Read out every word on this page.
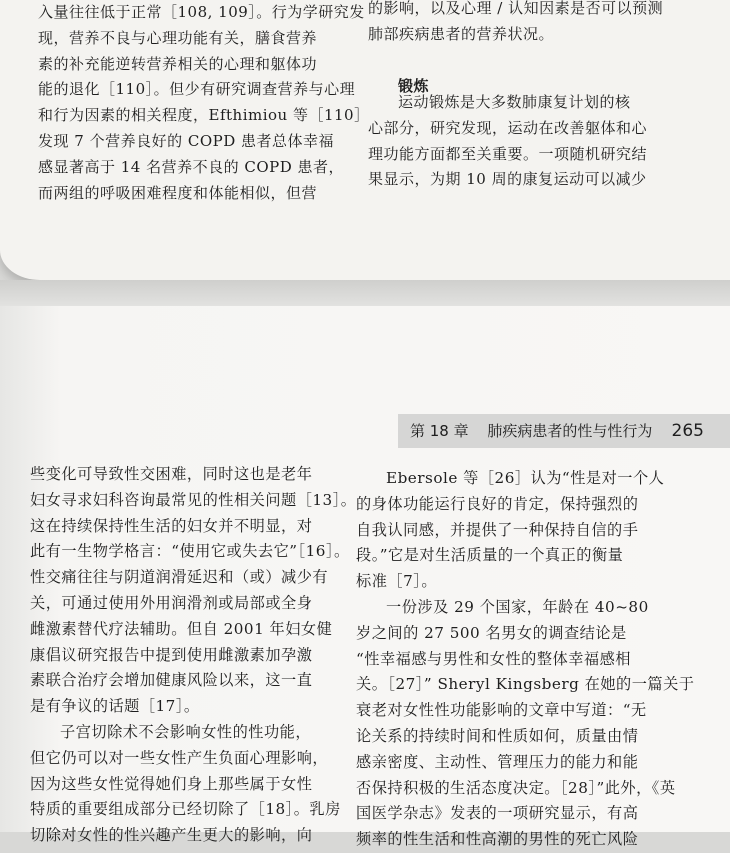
入量往往低于正常［108, 109］。行为学研究发
现，营养不良与心理功能有关，膳食营养
素的补充能逆转营养相关的心理和躯体功
能的退化［110］。但少有研究调查营养与心理
和行为因素的相关程度，Efthimiou 等［110］
发现 7 个营养良好的 COPD 患者总体幸福
感显著高于 14 名营养不良的 COPD 患者，
而两组的呼吸困难程度和体能相似，但营
的影响，以及心理 / 认知因素是否可以预测
肺部疾病患者的营养状况。
锻炼
运动锻炼是大多数肺康复计划的核
心部分，研究发现，运动在改善躯体和心
理功能方面都至关重要。一项随机研究结
果显示，为期 10 周的康复运动可以减少
第 18 章 肺疾病患者的性与性行为 265
些变化可导致性交困难，同时这也是老年
妇女寻求妇科咨询最常见的性相关问题［13］。
这在持续保持性生活的妇女并不明显，对
此有一生物学格言：“使用它或失去它”［16］。
性交痛往往与阴道润滑延迟和（或）减少有
关，可通过使用外用润滑剂或局部或全身
雌激素替代疗法辅助。但自 2001 年妇女健
康倡议研究报告中提到使用雌激素加孕激
素联合治疗会增加健康风险以来，这一直
是有争议的话题［17］。
子宫切除术不会影响女性的性功能，
但它仍可以对一些女性产生负面心理影响，
因为这些女性觉得她们身上那些属于女性
特质的重要组成部分已经切除了［18］。乳房
切除对女性的性兴趣产生更大的影响，向
Ebersole 等［26］认为“性是对一个人
的身体功能运行良好的肯定，保持强烈的
自我认同感，并提供了一种保持自信的手
段。”它是对生活质量的一个真正的衡量
标准［7］。
一份涉及 29 个国家，年龄在 40~80
岁之间的 27 500 名男女的调查结论是
“性幸福感与男性和女性的整体幸福感相
关。［27］” Sheryl Kingsberg 在她的一篇关于
衰老对女性性功能影响的文章中写道：“无
论关系的持续时间和性质如何，质量由情
感亲密度、主动性、管理压力的能力和能
否保持积极的生活态度决定。［28］”此外，《英
国医学杂志》发表的一项研究显示，有高
频率的性生活和性高潮的男性的死亡风险
